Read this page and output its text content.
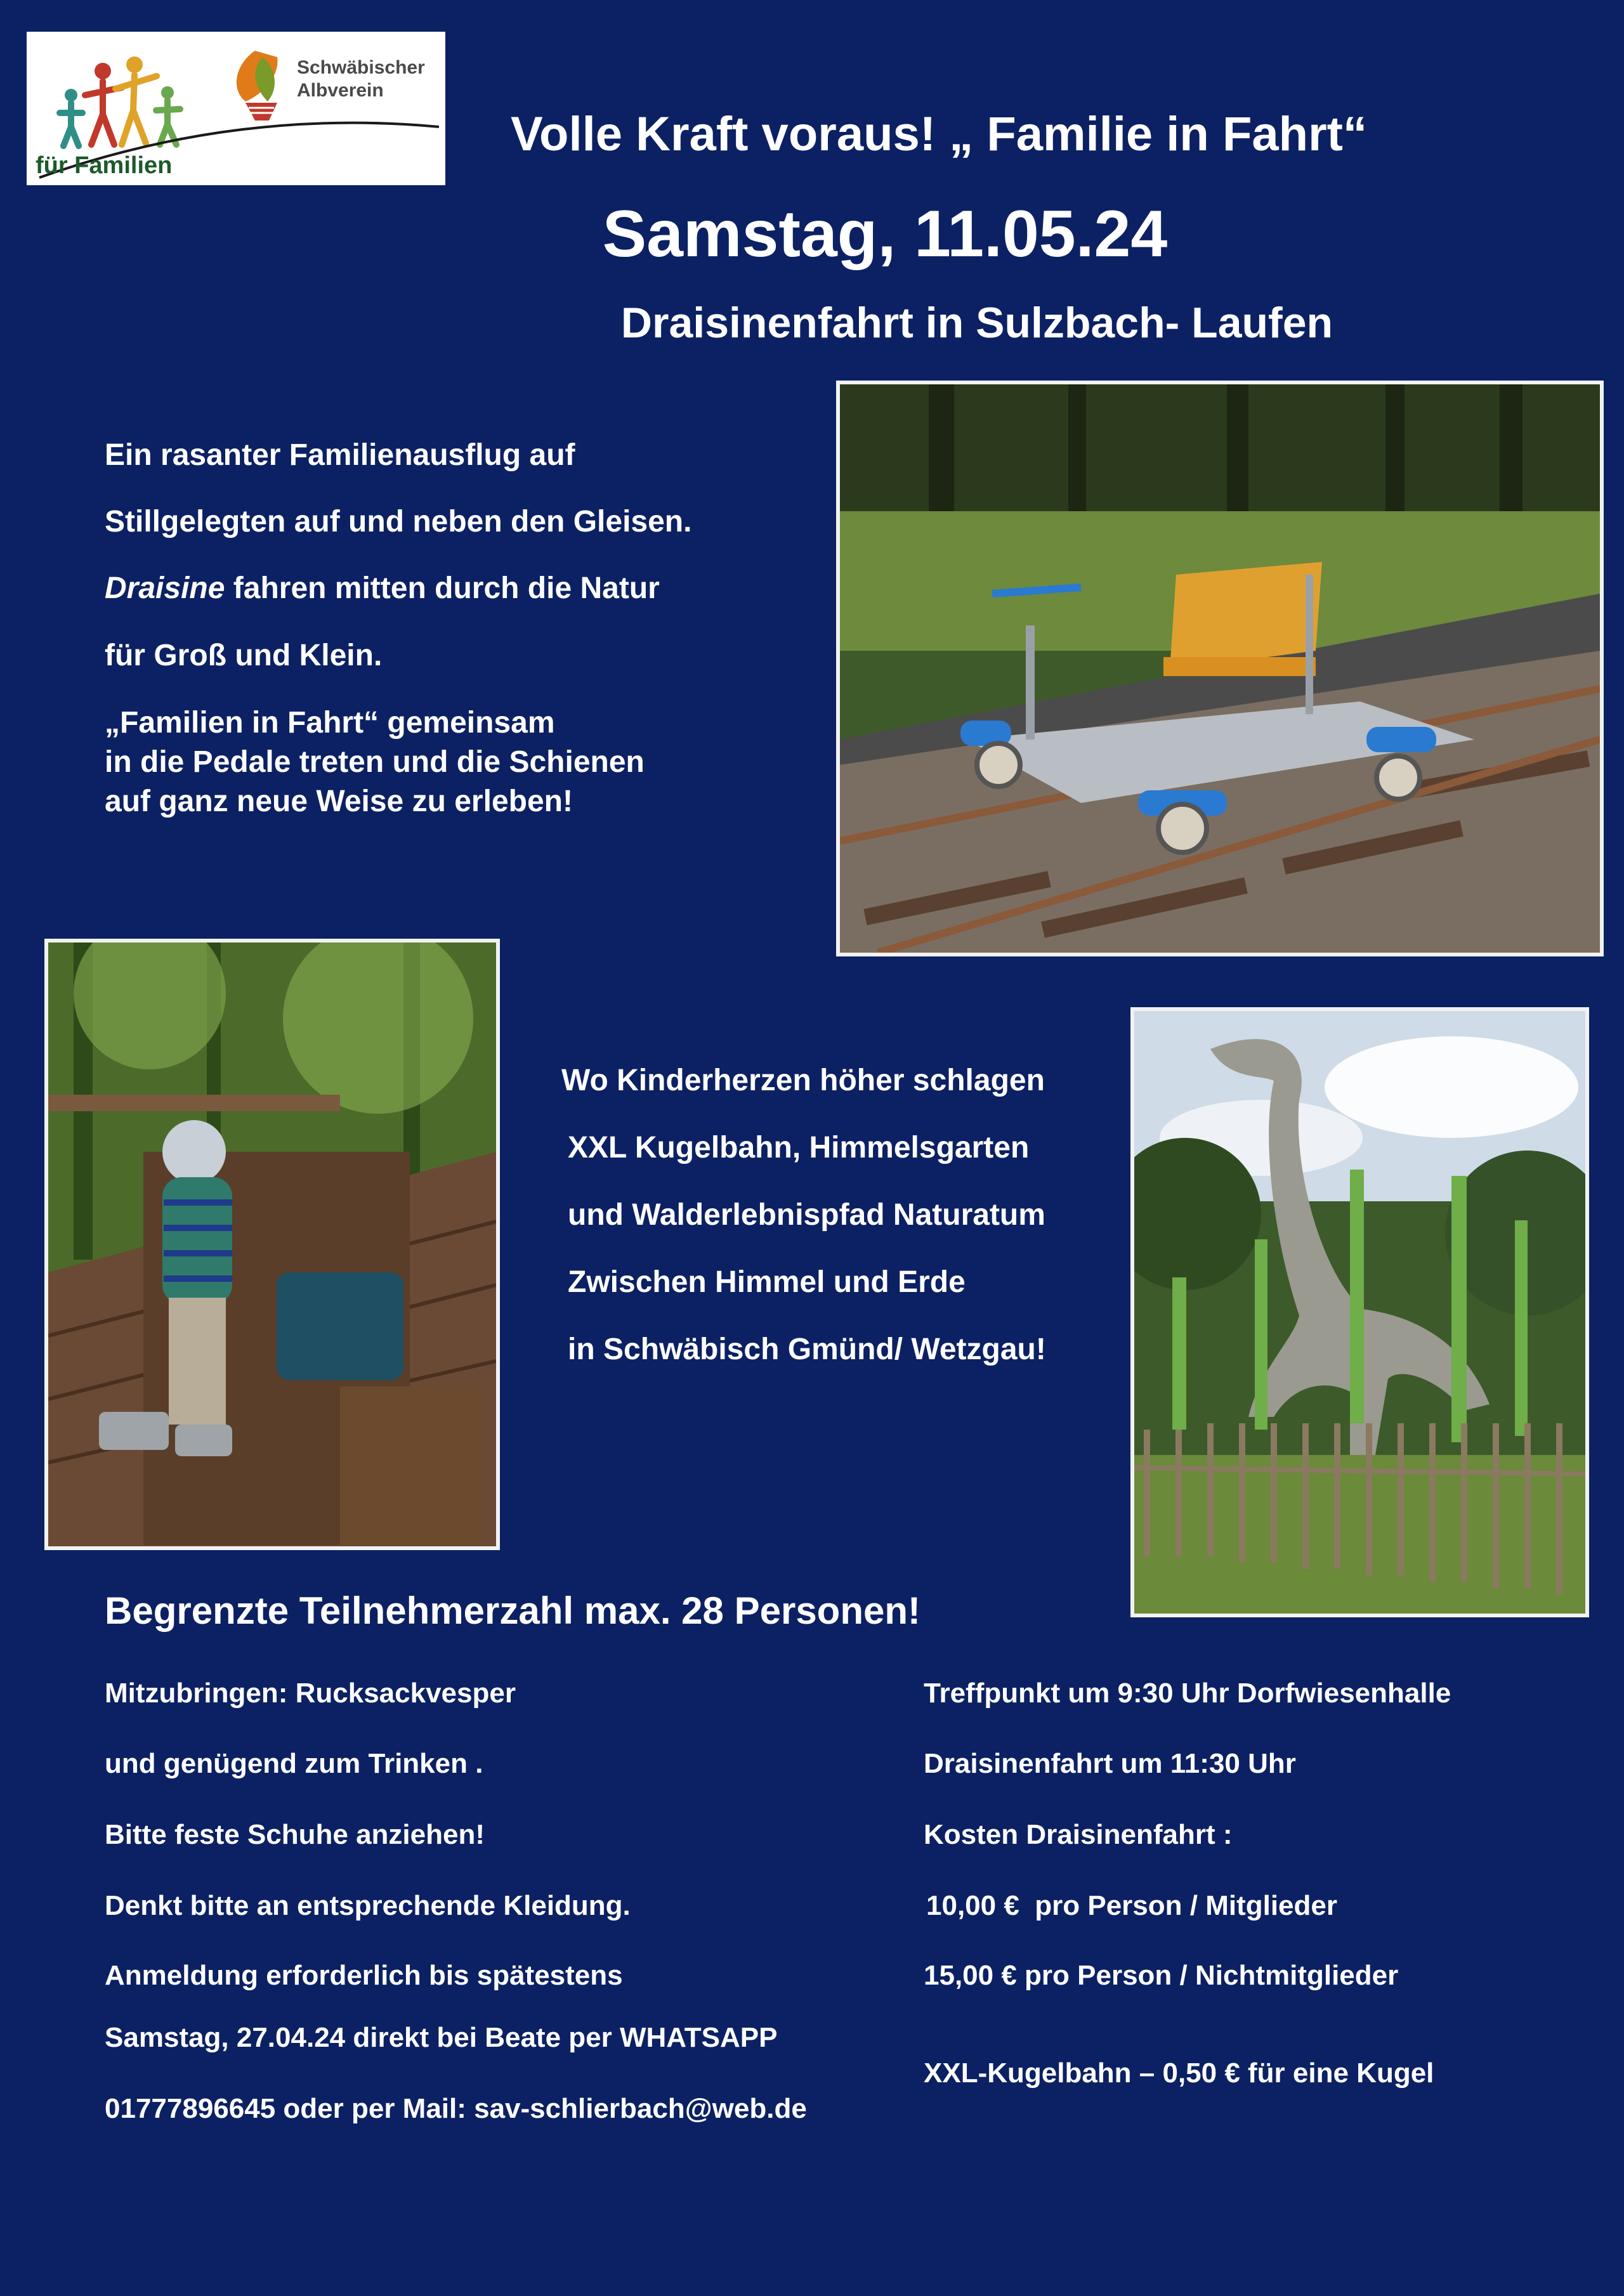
für Familien
Schwäbischer
Albverein
Volle Kraft voraus! „ Familie in Fahrt“
Samstag, 11.05.24
Draisinenfahrt in Sulzbach- Laufen
Ein rasanter Familienausflug auf
Stillgelegten auf und neben den Gleisen.
Draisine fahren mitten durch die Natur
für Groß und Klein.
„Familien in Fahrt“ gemeinsam
in die Pedale treten und die Schienen
auf ganz neue Weise zu erleben!
Wo Kinderherzen höher schlagen
XXL Kugelbahn, Himmelsgarten
und Walderlebnispfad Naturatum
Zwischen Himmel und Erde
in Schwäbisch Gmünd/ Wetzgau!
Begrenzte Teilnehmerzahl max. 28 Personen!
Mitzubringen: Rucksackvesper
und genügend zum Trinken .
Bitte feste Schuhe anziehen!
Denkt bitte an entsprechende Kleidung.
Anmeldung erforderlich bis spätestens
Samstag, 27.04.24 direkt bei Beate per WHATSAPP
01777896645 oder per Mail: sav-schlierbach@web.de
Treffpunkt um 9:30 Uhr Dorfwiesenhalle
Draisinenfahrt um 11:30 Uhr
Kosten Draisinenfahrt :
10,00 €  pro Person / Mitglieder
15,00 € pro Person / Nichtmitglieder
XXL-Kugelbahn – 0,50 € für eine Kugel
